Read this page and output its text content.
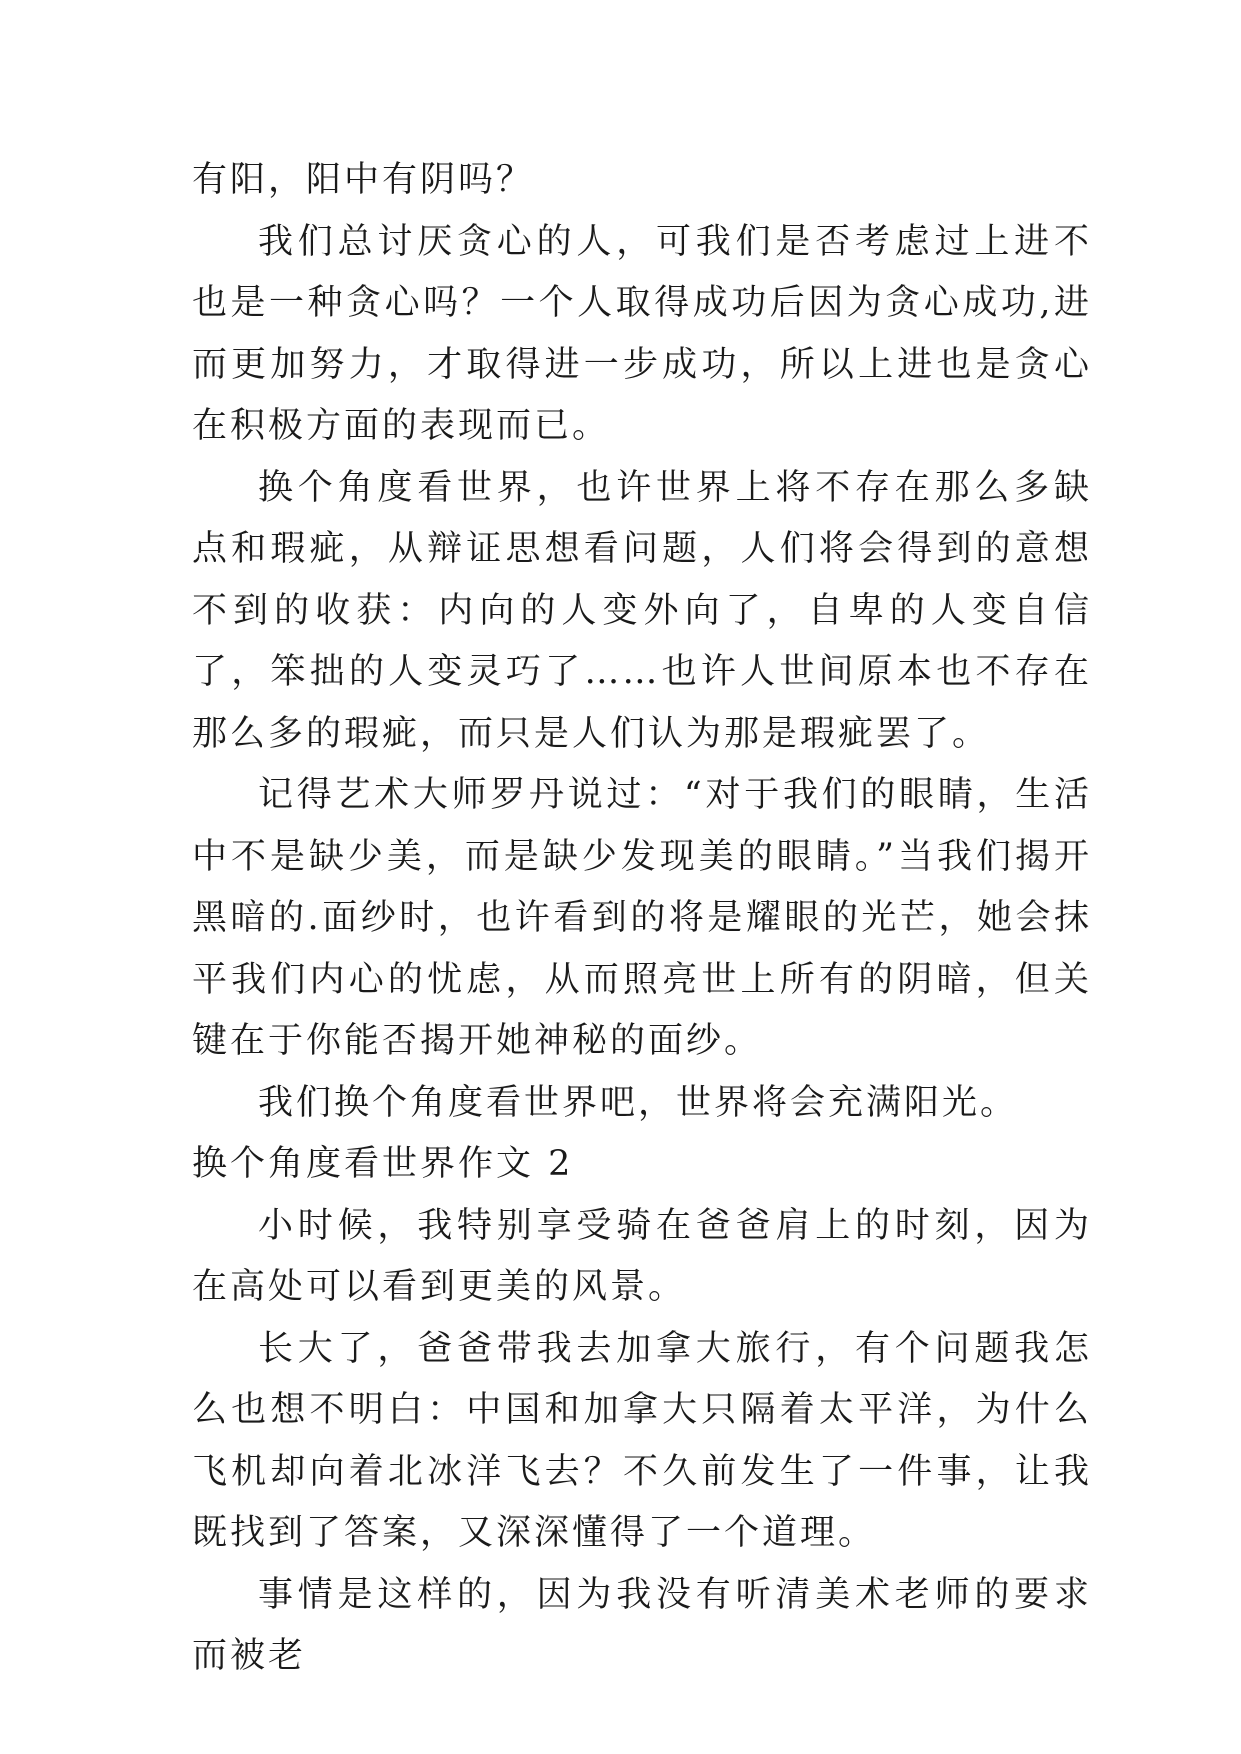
有阳，阳中有阴吗？

我们总讨厌贪心的人，可我们是否考虑过上进不也是一种贪心吗？一个人取得成功后因为贪心成功,进而更加努力，才取得进一步成功，所以上进也是贪心在积极方面的表现而已。

换个角度看世界，也许世界上将不存在那么多缺点和瑕疵，从辩证思想看问题，人们将会得到的意想不到的收获：内向的人变外向了，自卑的人变自信了，笨拙的人变灵巧了……也许人世间原本也不存在那么多的瑕疵，而只是人们认为那是瑕疵罢了。

记得艺术大师罗丹说过：“对于我们的眼睛，生活中不是缺少美，而是缺少发现美的眼睛。”当我们揭开黑暗的.面纱时，也许看到的将是耀眼的光芒，她会抹平我们内心的忧虑，从而照亮世上所有的阴暗，但关键在于你能否揭开她神秘的面纱。

我们换个角度看世界吧，世界将会充满阳光。

换个角度看世界作文 2

小时候，我特别享受骑在爸爸肩上的时刻，因为在高处可以看到更美的风景。

长大了，爸爸带我去加拿大旅行，有个问题我怎么也想不明白：中国和加拿大只隔着太平洋，为什么飞机却向着北冰洋飞去？不久前发生了一件事，让我既找到了答案，又深深懂得了一个道理。

事情是这样的，因为我没有听清美术老师的要求而被老
